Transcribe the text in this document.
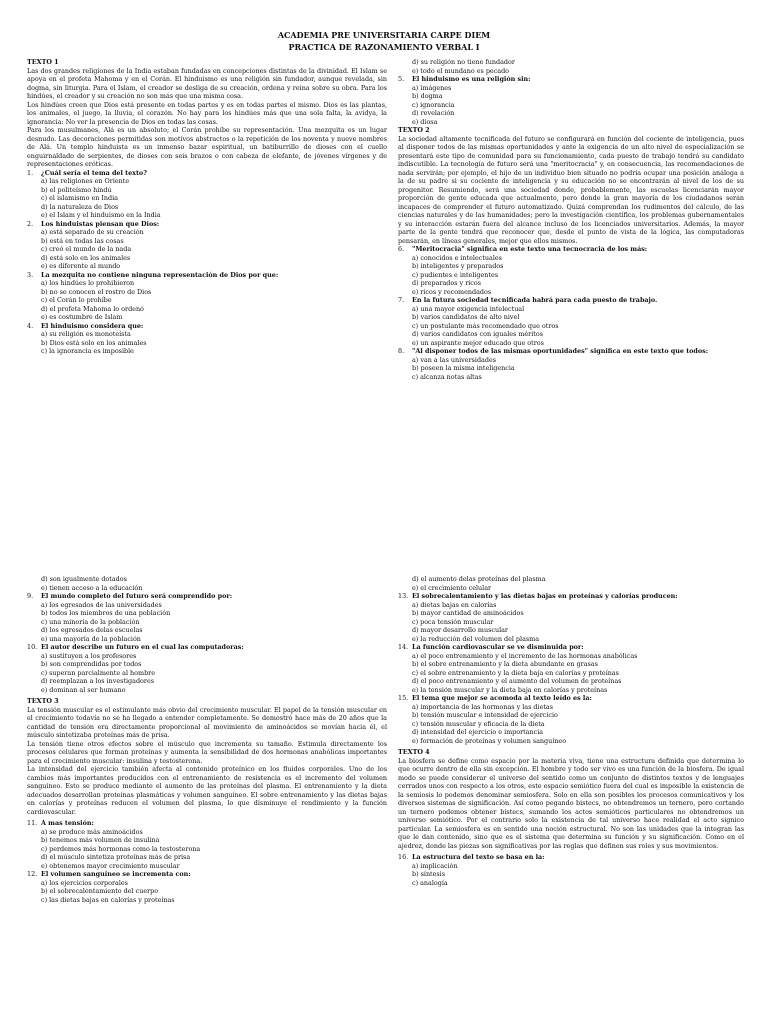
ACADEMIA PRE UNIVERSITARIA CARPE DIEM
PRACTICA DE RAZONAMIENTO VERBAL I

TEXTO 1

Las dos grandes religiones de la India estaban fundadas en concepciones distintas de la divinidad. El Islam se apoya en el profeta Mahoma y en el Corán. El hinduismo es una religión sin fundador, aunque revelada, sin dogma, sin liturgia. Para el Islam, el creador se desliga de su creación, ordena y reina sobre su obra. Para los hindúes, el creador y su creación no son más que una misma cosa.

Los hindúes creen que Dios está presente en todas partes y es en todas partes el mismo. Dios es las plantas, los animales, el juego, la lluvia, el corazón. No hay para los hindúes más que una sola falta, la avidya, la ignorancia: No ver la presencia de Dios en todas las cosas.

Para los musulmanes, Alá es un absoluto; el Corán prohíbe su representación. Una mezquita es un lugar desnudo. Las decoraciones permitidas son motivos abstractos o la repetición de los noventa y nueve nombres de Alá. Un templo hinduista es un inmenso bazar espiritual, un batiburrillo de dioses con el cuello enguirnaldado de serpientes, de dioses con seis brazos o con cabeza de elefante, de jóvenes vírgenes y de representaciones eróticas.

1. ¿Cuál sería el tema del texto?

a) las religiones en Oriente

b) el politeísmo hindú

c) el islamismo en India

d) la naturaleza de Dios

e) el Islam y el hinduismo en la India

2. Los hinduistas piensan que Dios:

a) está separado de su creación

b) está en todas las cosas

c) creó el mundo de la nada

d) está solo en los animales

e) es diferente al mundo

3. La mezquita no contiene ninguna representación de Dios por que:

a) los hindúes lo prohibieron

b) no se conocen el rostro de Dios

c) el Corán lo prohíbe

d) el profeta Mahoma lo ordenó

e) es costumbre de Islam

4. El hinduismo considera que:

a) su religión es monoteísta

b) Dios está solo en los animales

c) la ignorancia es imposible

d) su religión no tiene fundador

e) todo el mundano es pecado

5. El hinduismo es una religión sin:

a) imágenes

b) dogma

c) ignorancia

d) revelación

e) diosa

TEXTO 2

La sociedad altamente tecnificada del futuro se configurará en función del cociente de inteligencia, pues al disponer todos de las mismas oportunidades y ante la exigencia de un alto nivel de especialización se presentará este tipo de comunidad para su funcionamiento, cada puesto de trabajo tendrá su candidato indiscutible. La tecnología de futuro será una "meritocracia" y, en consecuencia, las recomendaciones de nada servirán; por ejemplo, el hijo de un individuo bien situado no podría ocupar una posición análoga a la de su padre si su cociente de inteligencia y su educación no se encontrarán al nivel de los de su progenitor. Resumiendo, será una sociedad donde, probablemente, las escuelas licenciarán mayor proporción de gente educada que actualmente, pero donde la gran mayoría de los ciudadanos serán incapaces de comprender el futuro automatizado. Quizá comprendan los rudimentos del cálculo, de las ciencias naturales y de las humanidades; pero la investigación científica, los problemas gubernamentales y su interacción estarán fuera del alcance incluso de los licenciados universitarios. Además, la mayor parte de la gente tendrá que reconocer que, desde el punto de vista de la lógica, las computadoras pensarán, en líneas generales, mejor que ellos mismos.

6. "Meritocracia" significa en este texto una tecnocracia de los más:

a) conocidos e intelectuales

b) inteligentes y preparados

c) pudientes e inteligentes

d) preparados y ricos

e) ricos y recomendados

7. En la futura sociedad tecnificada habrá para cada puesto de trabajo.

a) una mayor exigencia intelectual

b) varios candidatos de alto nivel

c) un postulante más recomendado que otros

d) varios candidatos con iguales méritos

e) un aspirante mejor educado que otros

8. "Al disponer todos de las mismas oportunidades" significa en este texto que todos:

a) van a las universidades

b) poseen la misma inteligencia

c) alcanza notas altas

d) son igualmente dotados

e) tienen acceso a la educación

9. El mundo completo del futuro será comprendido por:

a) los egresados de las universidades

b) todos los miembros de una población

c) una minoría de la población

d) los egresados delas escuelas

e) una mayoría de la población

10. El autor describe un futuro en el cual las computadoras:

a) sustituyen a los profesores

b) son comprendidas por todos

c) superan parcialmente al hombre

d) reemplazan a los investigadores

e) dominan al ser humano

TEXTO 3

La tensión muscular es el estimulante más obvio del crecimiento muscular. El papel de la tensión muscular en el crecimiento todavía no se ha llegado a entender completamente. Se demostró hace más de 20 años que la cantidad de tensión era directamente proporcional al movimiento de aminoácidos se movían hacia él, el músculo sintetizaba proteínas más de prisa.

La tensión tiene otros efectos sobre el músculo que incrementa su tamaño. Estimula directamente los procesos celulares que forman proteínas y aumenta la sensibilidad de dos hormonas anabólicas importantes para el crecimiento muscular: insulina y testosterona.

La intensidad del ejercicio también afecta al contenido proteínico en los fluidos corporales. Uno de los cambios más importantes producidos con el entrenamiento de resistencia es el incremento del volumen sanguíneo. Esto se produce mediante el aumento de las proteínas del plasma. El entrenamiento y la dieta adecuados desarrollan proteínas plasmáticas y volumen sanguíneo. El sobre entrenamiento y las dietas bajas en calorías y proteínas reducen el volumen del plasma, lo que disminuye el rendimiento y la función cardiovascular.

11. A mas tensión:

a) se produce más aminoácidos

b) tenemos más volumen de insulina

c) perdemos más hormonas como la testosterona

d) el músculo sintetiza proteínas más de prisa

e) obtenemos mayor crecimiento muscular

12. El volumen sanguíneo se incrementa con:

a) los ejercicios corporales

b) el sobrecalentamiento del cuerpo

c) las dietas bajas en calorías y proteínas

d) el aumento delas proteínas del plasma

e) el crecimiento celular

13. El sobrecalentamiento y las dietas bajas en proteínas y calorías producen:

a) dietas bajas en calorías

b) mayor cantidad de aminoácidos

c) poca tensión muscular

d) mayor desarrollo muscular

e) la reducción del volumen del plasma

14. La función cardiovascular se ve disminuida por:

a) el poco entrenamiento y el incremento de las hormonas anabólicas

b) el sobre entrenamiento y la dieta abundante en grasas

c) el sobre entrenamiento y la dieta baja en calorías y proteínas

d) el poco entrenamiento y el aumento del volumen de proteínas

e) la tensión muscular y la dieta baja en calorías y proteínas

15. El tema que mejor se acomoda al texto leído es la:

a) importancia de las hormonas y las dietas

b) tensión muscular e intensidad de ejercicio

c) tensión muscular y eficacia de la dieta

d) intensidad del ejercicio e importancia

e) formación de proteínas y volumen sanguíneo

TEXTO 4

La biosfera se define como espacio por la materia viva, tiene una estructura definida que determina lo que ocurre dentro de ella sin excepción. El hombre y todo ser vivo es una función de la biosfera. De igual modo se puede considerar el universo del sentido como un conjunto de distintos textos y de lenguajes cerrados unos con respecto a los otros, este espacio semiótico fuera del cual es imposible la existencia de la semiosis lo podemos denominar semiosfera. Solo en ella son posibles los procesos comunicativos y los diversos sistemas de significación. Así como pegando bistecs, no obtendremos un ternero, pero cortando un ternero podemos obtener bistecs, sumando los actos semióticos particulares no obtendremos un universo semiótico. Por el contrario solo la existencia de tal universo hace realidad el acto signico particular. La semiosfera es en sentido una noción estructural. No son las unidades que la integran las que le dan contenido, sino que es el sistema que determina su función y su significación. Como en el ajedrez, donde las piezas son significativas por las reglas que definen sus roles y sus movimientos.

16. La estructura del texto se basa en la:

a) implicación

b) síntesis

c) analogía
